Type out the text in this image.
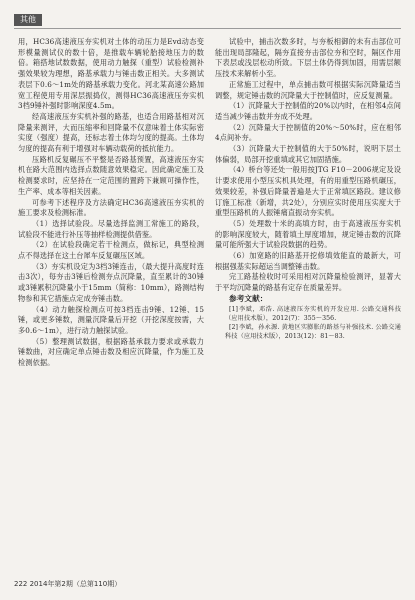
其他

用，HC36高速液压夯实机对土体的动压力是Evd动态变形模量测试仪的数十倍，是推载车辆轮胎接地压力的数倍。箱搭地试数数据，使用动力触探（重型）试验检测补强效果较为理想，路基承载力与锤击数正相关。大多测试表层下0.6～1m处的路基承载力变化。河北某高速公路加宽工程使用专用深层振捣仪，测得HC36高速液压夯实机3档9锤补强时影响深度4.5m。

经高速液压夯实机补强的路基，也适合用路基相对沉降量来测评，大而压缩率和回降量不仅意味着土体实际密实度（强度）提高，还标志着土体均匀度的提高。土体均匀度的提高有利于增强对车辆动载荷的抵抗能力。

压路机反复碾压不平整是否路基预置，高速液压夯实机在路大范围内选择点数随意效果稳定。因此确定施工及检测要求时，应坚持在一定范围的置跨下兼顾可操作性，生产率、成本等相关因素。

可参考下述程序及方法确定HC36高速液压夯实机的施工要求及检测标准。

（1）选择试验段。尽量选择监测工常施工的路段，试验段不能进行补压等抽样检测提供借鉴。

（2）在试验段确定若干检测点，做标记，典型检测点不得选择在这土台犀车反复碾压区域。

（3）夯实机设定为3档3锤连击，（最大提升高度时连击3次），每夯击3锤后检测夯点沉降量，直至累计的30锤或3锤累积沉降量小于15mm（简称：10mm），路测结构物参和其它措施点定成夯锤击数。

（4）动力触探检测点可按3档连击9锤、12锤、15锤，或更多锤数，测量沉降量后开挖（开挖深度按需，大多0.6～1m），进行动力触探试验。

（5）整理测试数据，根据路基承载力要求或承载力锤数曲，对应确定单点锤击数及相应沉降量，作为施工及检测依据。

试验中，捕击次数多时，与夯板相御的未有击部位可能出现局部隆起，隔夯直接夯击部位夯和空时，隔区作用下表层或浅层松动所致。下层土体仍得到加固，用需层额压技术来解析小至。

正常施工过程中，单点捕击数可根据实际沉降量适当调整，规定锤击数的沉降量大于控制值时，应反复测量。

（1）沉降量大于控制值的20%以内时，在相邻4点间适当减少锤击数并夯成不处理。

（2）沉降量大于控制值的20%～50%时，应在相邻4点间补夯。

（3）沉降量大于控制值的大于50%时，说明下层土体偏弱，局部开挖重填或其它加固措施。

（4）桥台等还处一般用按JTG F10－2006规定及设计要求使用小型压实机具处理，有的用重型压路机碾压，效果较差，补强后降量普遍是大于正常填区路段。建议修订施工标准（新增，共2处），分别应实时使用压实度大于重型压路机的人振锤痛直振动夯实机。

（5）处理数十米的高填方时，由于高速液压夯实机的影响深度较大，随着填土厚度增加，规定锤击数的沉降量可能所强大于试验段数据的趋势。

（6）加宽路的旧路基开挖修填效能直的最新大，可根据强基实际超运当调整锤击数。

完工路基检收时可采用相对沉降量检验测评，显著大于平均沉降量的路基有定存在质量差异。

参考文献：

[1] 李斌，邓浩. 高速液压夯实机的开发应用. 公路交通科技（应用技术版），2012(7)：355～356.

[2] 李斌，孙永源. 黄地区实膨胀的路基与补强技术. 公路交通科技（应用技术版），2013(12)：81～83.

222 2014年第2期（总第110期）
